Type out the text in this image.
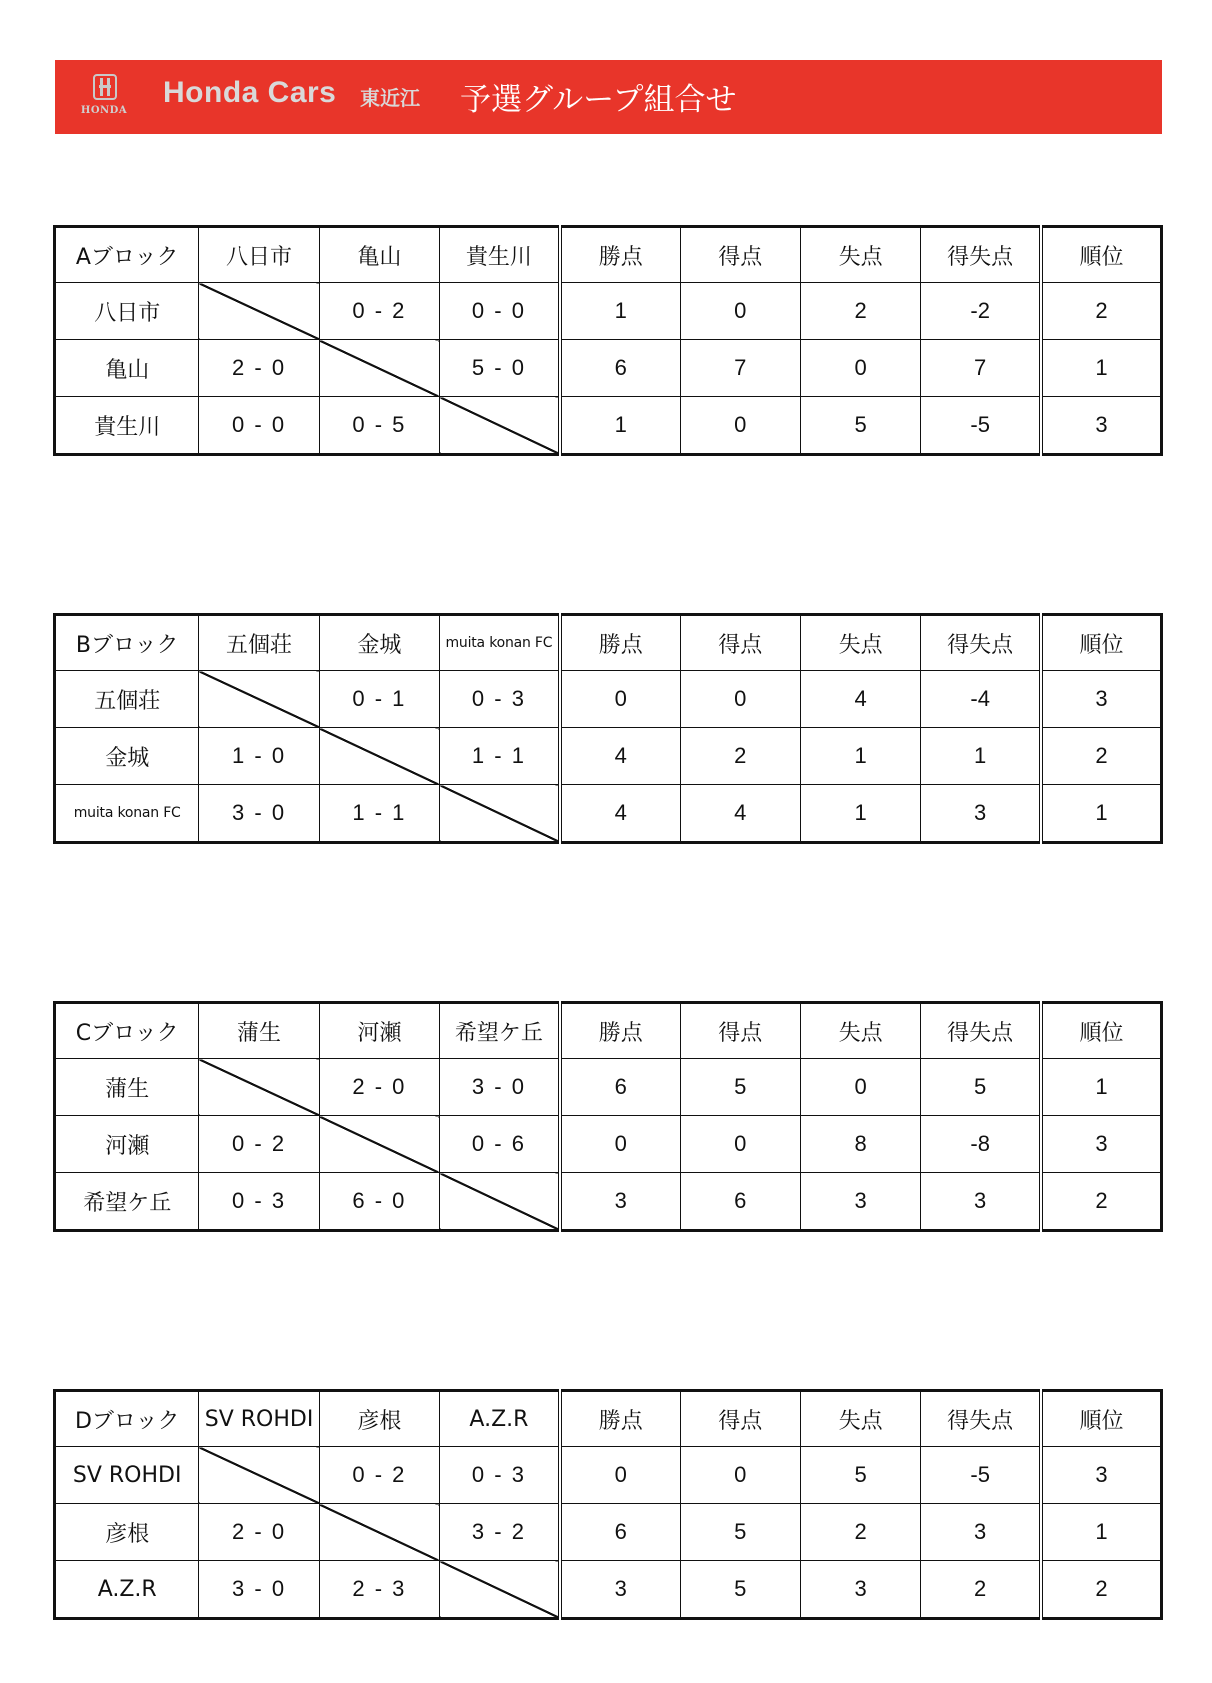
HONDA
Honda Cars 東近江 予選グループ組合せ
Aブロック	八日市	亀山	貴生川	勝点	得点	失点	得失点	順位
八日市		0 - 2	0 - 0	1	0	2	-2	2
亀山	2 - 0		5 - 0	6	7	0	7	1
貴生川	0 - 0	0 - 5		1	0	5	-5	3
Bブロック	五個荘	金城	muita konan FC	勝点	得点	失点	得失点	順位
五個荘		0 - 1	0 - 3	0	0	4	-4	3
金城	1 - 0		1 - 1	4	2	1	1	2
muita konan FC	3 - 0	1 - 1		4	4	1	3	1
Cブロック	蒲生	河瀬	希望ケ丘	勝点	得点	失点	得失点	順位
蒲生		2 - 0	3 - 0	6	5	0	5	1
河瀬	0 - 2		0 - 6	0	0	8	-8	3
希望ケ丘	0 - 3	6 - 0		3	6	3	3	2
Dブロック	SV ROHDI	彦根	A.Z.R	勝点	得点	失点	得失点	順位
SV ROHDI		0 - 2	0 - 3	0	0	5	-5	3
彦根	2 - 0		3 - 2	6	5	2	3	1
A.Z.R	3 - 0	2 - 3		3	5	3	2	2
